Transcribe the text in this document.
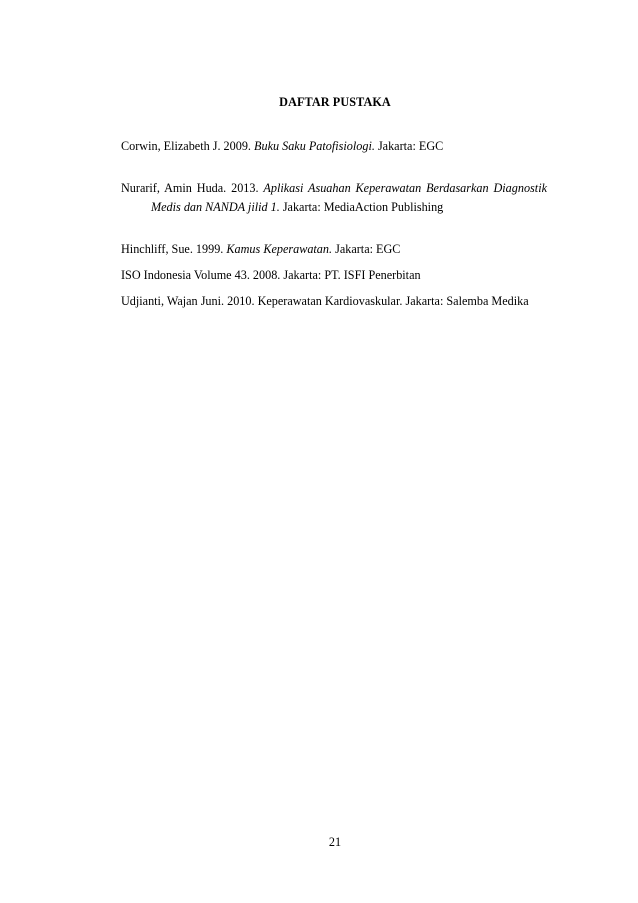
DAFTAR PUSTAKA

Corwin, Elizabeth J. 2009. Buku Saku Patofisiologi. Jakarta: EGC

Nurarif, Amin Huda. 2013. Aplikasi Asuahan Keperawatan Berdasarkan Diagnostik Medis dan NANDA jilid 1. Jakarta: MediaAction Publishing

Hinchliff, Sue. 1999. Kamus Keperawatan. Jakarta: EGC

ISO Indonesia Volume 43. 2008. Jakarta: PT. ISFI Penerbitan

Udjianti, Wajan Juni. 2010. Keperawatan Kardiovaskular. Jakarta: Salemba Medika

21
